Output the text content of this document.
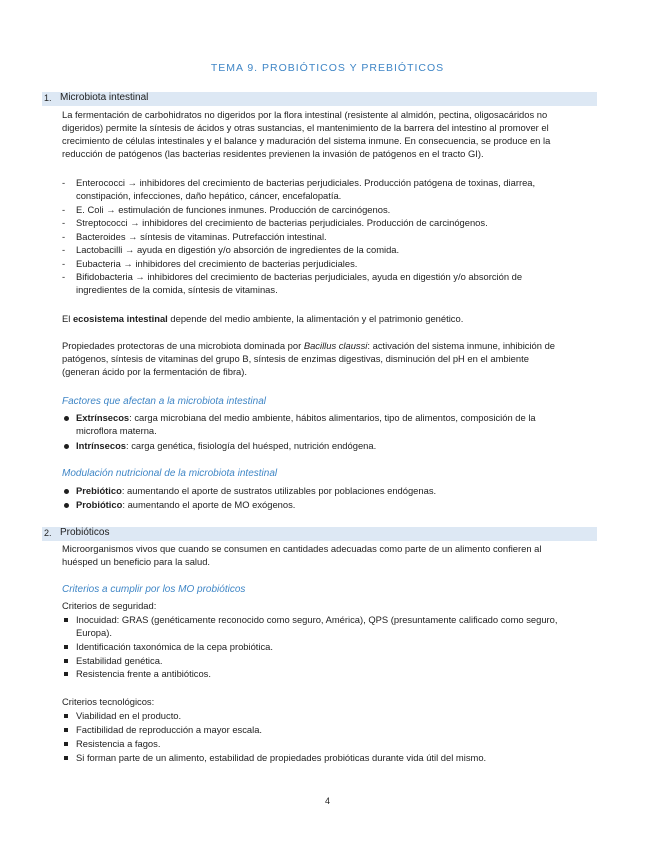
TEMA 9. PROBIÓTICOS Y PREBIÓTICOS
1. Microbiota intestinal
La fermentación de carbohidratos no digeridos por la flora intestinal (resistente al almidón, pectina, oligosacáridos no
digeridos) permite la síntesis de ácidos y otras sustancias, el mantenimiento de la barrera del intestino al promover el
crecimiento de células intestinales y el balance y maduración del sistema inmune. En consecuencia, se produce en la
reducción de patógenos (las bacterias residentes previenen la invasión de patógenos en el tracto GI).
-	Enterococci → inhibidores del crecimiento de bacterias perjudiciales. Producción patógena de toxinas, diarrea,
constipación, infecciones, daño hepático, cáncer, encefalopatía.
-	E. Coli → estimulación de funciones inmunes. Producción de carcinógenos.
-	Streptococci → inhibidores del crecimiento de bacterias perjudiciales. Producción de carcinógenos.
-	Bacteroides → síntesis de vitaminas. Putrefacción intestinal.
-	Lactobacilli → ayuda en digestión y/o absorción de ingredientes de la comida.
-	Eubacteria → inhibidores del crecimiento de bacterias perjudiciales.
-	Bifidobacteria → inhibidores del crecimiento de bacterias perjudiciales, ayuda en digestión y/o absorción de
ingredientes de la comida, síntesis de vitaminas.
El ecosistema intestinal depende del medio ambiente, la alimentación y el patrimonio genético.
Propiedades protectoras de una microbiota dominada por Bacillus claussi: activación del sistema inmune, inhibición de
patógenos, síntesis de vitaminas del grupo B, síntesis de enzimas digestivas, disminución del pH en el ambiente
(generan ácido por la fermentación de fibra).
Factores que afectan a la microbiota intestinal
Extrínsecos: carga microbiana del medio ambiente, hábitos alimentarios, tipo de alimentos, composición de la
microflora materna.
Intrínsecos: carga genética, fisiología del huésped, nutrición endógena.
Modulación nutricional de la microbiota intestinal
Prebiótico: aumentando el aporte de sustratos utilizables por poblaciones endógenas.
Probiótico: aumentando el aporte de MO exógenos.
2. Probióticos
Microorganismos vivos que cuando se consumen en cantidades adecuadas como parte de un alimento confieren al
huésped un beneficio para la salud.
Criterios a cumplir por los MO probióticos
Criterios de seguridad:
Inocuidad: GRAS (genéticamente reconocido como seguro, América), QPS (presuntamente calificado como seguro,
Europa).
Identificación taxonómica de la cepa probiótica.
Estabilidad genética.
Resistencia frente a antibióticos.
Criterios tecnológicos:
Viabilidad en el producto.
Factibilidad de reproducción a mayor escala.
Resistencia a fagos.
Si forman parte de un alimento, estabilidad de propiedades probióticas durante vida útil del mismo.
4
